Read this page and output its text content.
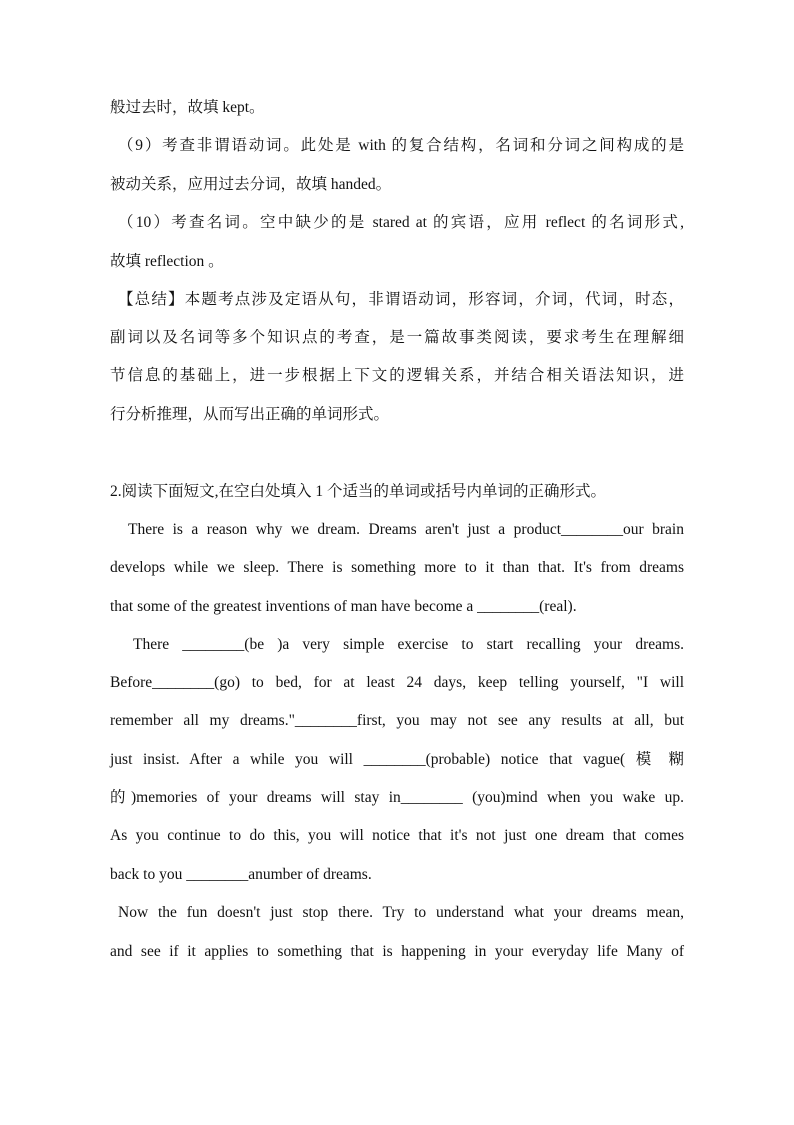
般过去时，故填 kept。
（9）考查非谓语动词。此处是 with 的复合结构，名词和分词之间构成的是
被动关系，应用过去分词，故填 handed。
（10）考查名词。空中缺少的是 stared at 的宾语，应用 reflect 的名词形式,
故填 reflection 。
【总结】本题考点涉及定语从句，非谓语动词，形容词，介词，代词，时态，
副词以及名词等多个知识点的考查，是一篇故事类阅读，要求考生在理解细
节信息的基础上，进一步根据上下文的逻辑关系，并结合相关语法知识，进
行分析推理，从而写出正确的单词形式。
2.阅读下面短文,在空白处填入 1 个适当的单词或括号内单词的正确形式。
There is a reason why we dream. Dreams aren't just a product________our brain
develops while we sleep. There is something more to it than that. It's from dreams
that some of the greatest inventions of man have become a ________(real).
There ________(be )a very simple exercise to start recalling your dreams.
Before________(go) to bed, for at least 24 days, keep telling yourself, "I will
remember all my dreams."________first, you may not see any results at all, but
just insist. After a while you will ________(probable) notice that vague( 模 糊
的)memories of your dreams will stay in________ (you)mind when you wake up.
As you continue to do this, you will notice that it's not just one dream that comes
back to you ________anumber of dreams.
Now the fun doesn't just stop there. Try to understand what your dreams mean,
and see if it applies to something that is happening in your everyday life Many of
